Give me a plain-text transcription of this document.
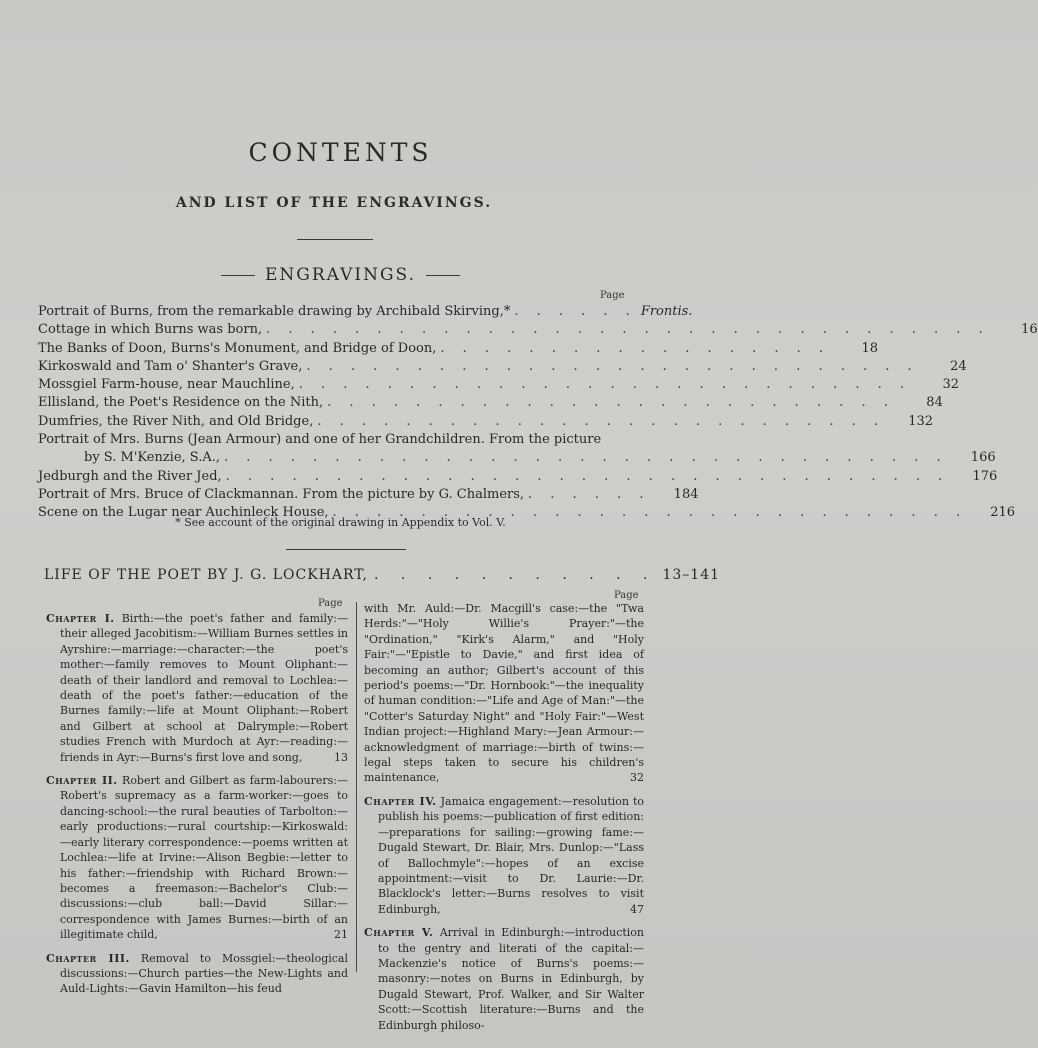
CONTENTS
AND LIST OF THE ENGRAVINGS.
ENGRAVINGS.
Page
Portrait of Burns, from the remarkable drawing by Archibald Skirving,* . . . . . . Frontis.
Cottage in which Burns was born, . . . . . . . . . . . . . . . . . . . . . . . . . . . . . . . . .	16
The Banks of Doon, Burns's Monument, and Bridge of Doon, . . . . . . . . . . . . . . . . . .	18
Kirkoswald and Tam o' Shanter's Grave, . . . . . . . . . . . . . . . . . . . . . . . . . . . .	24
Mossgiel Farm-house, near Mauchline, . . . . . . . . . . . . . . . . . . . . . . . . . . . .	32
Ellisland, the Poet's Residence on the Nith, . . . . . . . . . . . . . . . . . . . . . . . . . .	84
Dumfries, the River Nith, and Old Bridge, . . . . . . . . . . . . . . . . . . . . . . . . . .	132
Portrait of Mrs. Burns (Jean Armour) and one of her Grandchildren. From the picture
by S. M'Kenzie, S.A., . . . . . . . . . . . . . . . . . . . . . . . . . . . . . . . . .	166
Jedburgh and the River Jed, . . . . . . . . . . . . . . . . . . . . . . . . . . . . . . . . .	176
Portrait of Mrs. Bruce of Clackmannan. From the picture by G. Chalmers, . . . . . .	184
Scene on the Lugar near Auchinleck House, . . . . . . . . . . . . . . . . . . . . . . . . . . . . .	216
* See account of the original drawing in Appendix to Vol. V.
LIFE OF THE POET BY J. G. LOCKHART, . . . . . . . . . . . 13–141
Page
Page

Chapter I. Birth:—the poet's father and family:—their alleged Jacobitism:—William Burnes settles in Ayrshire:—marriage:—character:—the poet's mother:—family removes to Mount Oliphant:—death of their landlord and removal to Lochlea:—death of the poet's father:—education of the Burnes family:—life at Mount Oliphant:—Robert and Gilbert at school at Dalrymple:—Robert studies French with Murdoch at Ayr:—reading:—friends in Ayr:—Burns's first love and song,	13

Chapter II. Robert and Gilbert as farm-labourers:—Robert's supremacy as a farm-worker:—goes to dancing-school:—the rural beauties of Tarbolton:—early productions:—rural courtship:—Kirkoswald:—early literary correspondence:—poems written at Lochlea:—life at Irvine:—Alison Begbie:—letter to his father:—friendship with Richard Brown:—becomes a freemason:—Bachelor's Club:—discussions:—club ball:—David Sillar:—correspondence with James Burnes:—birth of an illegitimate child,	21

Chapter III. Removal to Mossgiel:—theological discussions:—Church parties—the New-Lights and Auld-Lights:—Gavin Hamilton—his feud

with Mr. Auld:—Dr. Macgill's case:—the "Twa Herds:"—"Holy Willie's Prayer:"—the "Ordination," "Kirk's Alarm," and "Holy Fair:"—"Epistle to Davie," and first idea of becoming an author; Gilbert's account of this period's poems:—"Dr. Hornbook:"—the inequality of human condition:—"Life and Age of Man:"—the "Cotter's Saturday Night" and "Holy Fair:"—West Indian project:—Highland Mary:—Jean Armour:—acknowledgment of marriage:—birth of twins:—legal steps taken to secure his children's maintenance,	32

Chapter IV. Jamaica engagement:—resolution to publish his poems:—publication of first edition:—preparations for sailing:—growing fame:—Dugald Stewart, Dr. Blair, Mrs. Dunlop:—"Lass of Ballochmyle":—hopes of an excise appointment:—visit to Dr. Laurie:—Dr. Blacklock's letter:—Burns resolves to visit Edinburgh,	47

Chapter V. Arrival in Edinburgh:—introduction to the gentry and literati of the capital:—Mackenzie's notice of Burns's poems:—masonry:—notes on Burns in Edinburgh, by Dugald Stewart, Prof. Walker, and Sir Walter Scott:—Scottish literature:—Burns and the Edinburgh philoso-
